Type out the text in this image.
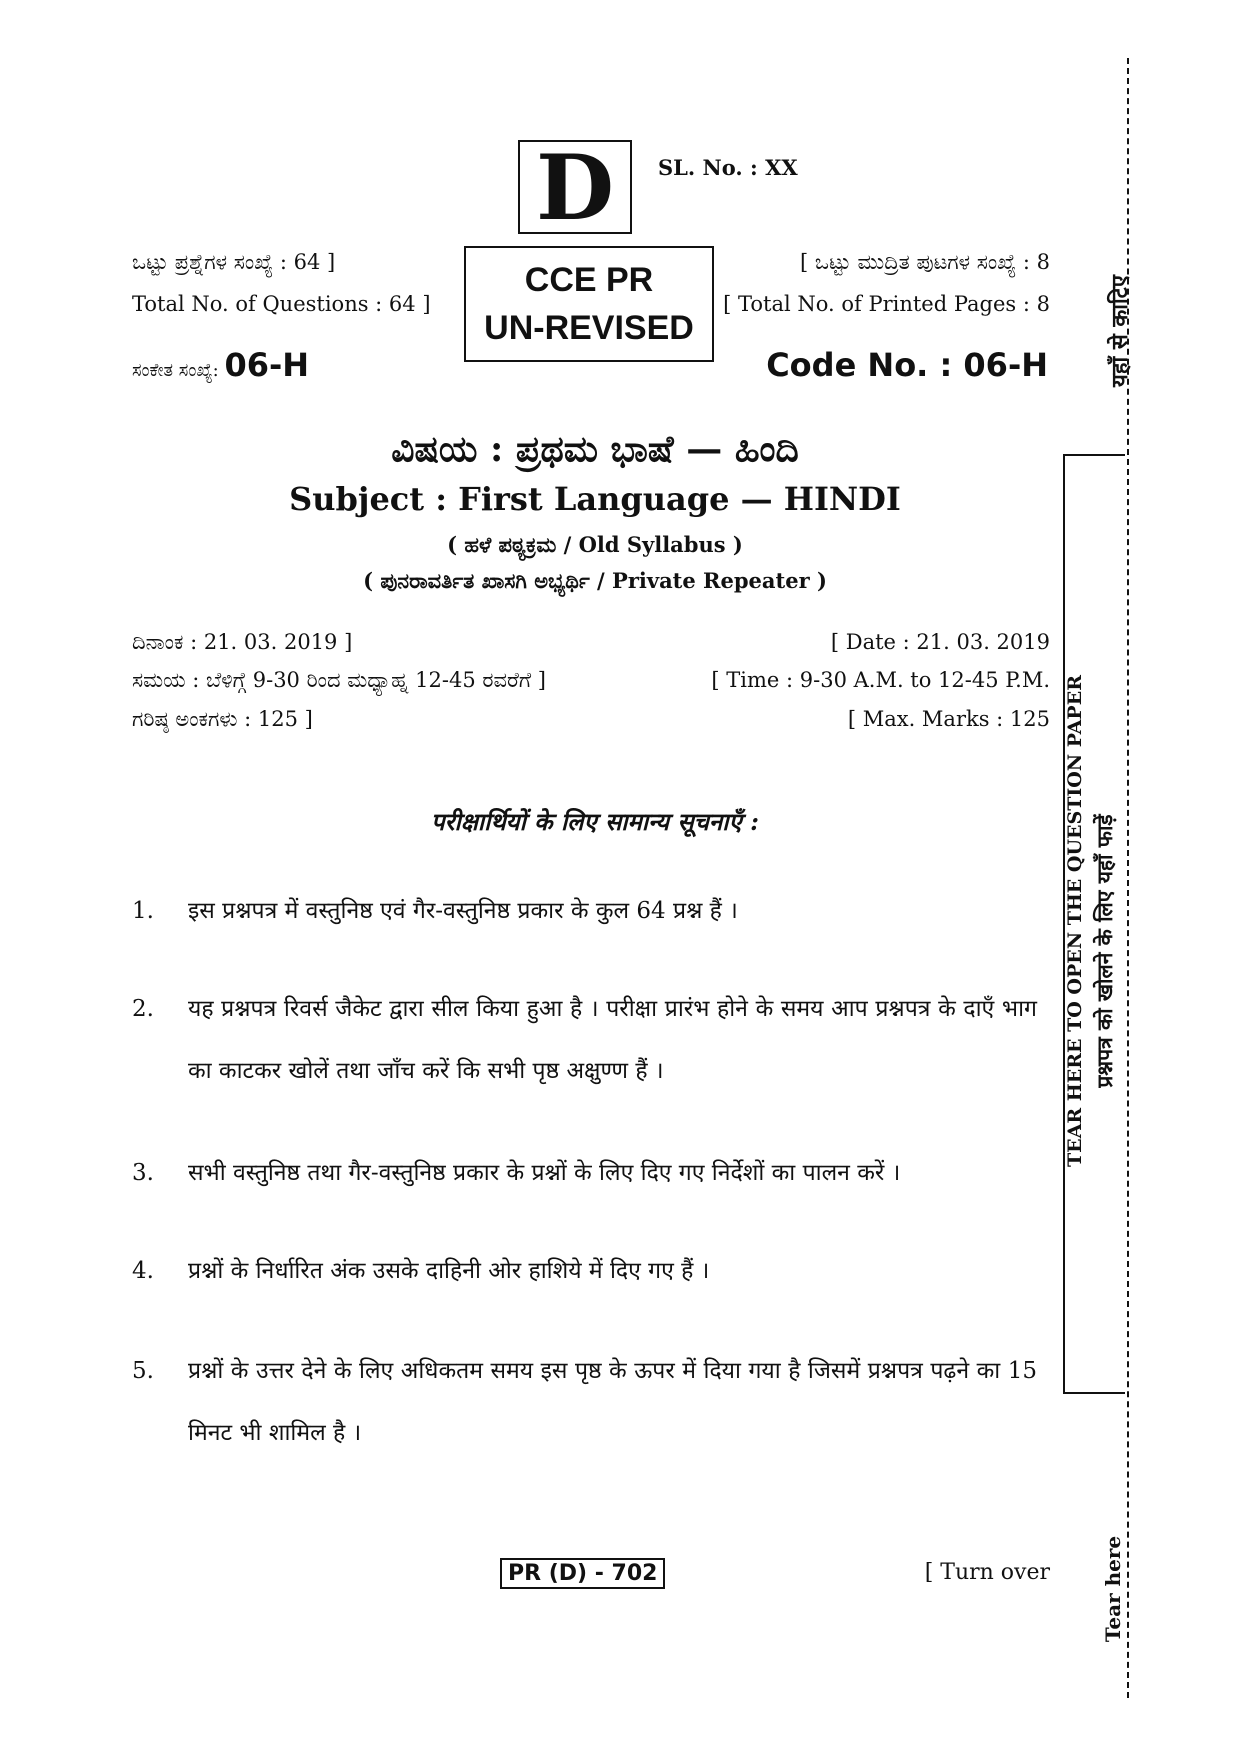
D	SL. No. : XX
ಒಟ್ಟು ಪ್ರಶ್ನೆಗಳ ಸಂಖ್ಯೆ : 64 ]
Total No. of Questions : 64 ]
CCE PR
UN-REVISED
[ ಒಟ್ಟು ಮುದ್ರಿತ ಪುಟಗಳ ಸಂಖ್ಯೆ : 8
[ Total No. of Printed Pages : 8
ಸಂಕೇತ ಸಂಖ್ಯೆ: 06-H	Code No. : 06-H
ವಿಷಯ : ಪ್ರಥಮ ಭಾಷೆ — ಹಿಂದಿ
Subject : First Language — HINDI
( ಹಳೆ ಪಠ್ಯಕ್ರಮ / Old Syllabus )
( ಪುನರಾವರ್ತಿತ ಖಾಸಗಿ ಅಭ್ಯರ್ಥಿ / Private Repeater )
ದಿನಾಂಕ : 21. 03. 2019 ]
ಸಮಯ : ಬೆಳಿಗ್ಗೆ 9-30 ರಿಂದ ಮಧ್ಯಾಹ್ನ 12-45 ರವರೆಗೆ ]
ಗರಿಷ್ಠ ಅಂಕಗಳು : 125 ]
[ Date : 21. 03. 2019
[ Time : 9-30 A.M. to 12-45 P.M.
[ Max. Marks : 125
परीक्षार्थियों के लिए सामान्य सूचनाएँ :
1.	इस प्रश्नपत्र में वस्तुनिष्ठ एवं गैर-वस्तुनिष्ठ प्रकार के कुल 64 प्रश्न हैं ।
2.	यह प्रश्नपत्र रिवर्स जैकेट द्वारा सील किया हुआ है । परीक्षा प्रारंभ होने के समय आप प्रश्नपत्र के दाएँ भाग का काटकर खोलें तथा जाँच करें कि सभी पृष्ठ अक्षुण्ण हैं ।
3.	सभी वस्तुनिष्ठ तथा गैर-वस्तुनिष्ठ प्रकार के प्रश्नों के लिए दिए गए निर्देशों का पालन करें ।
4.	प्रश्नों के निर्धारित अंक उसके दाहिनी ओर हाशिये में दिए गए हैं ।
5.	प्रश्नों के उत्तर देने के लिए अधिकतम समय इस पृष्ठ के ऊपर में दिया गया है जिसमें प्रश्नपत्र पढ़ने का 15 मिनट भी शामिल है ।
PR (D) - 702	[ Turn over
यहाँ से काटिए
TEAR HERE TO OPEN THE QUESTION PAPER प्रश्नपत्र को खोलने के लिए यहाँ फाड़ें
Tear here
